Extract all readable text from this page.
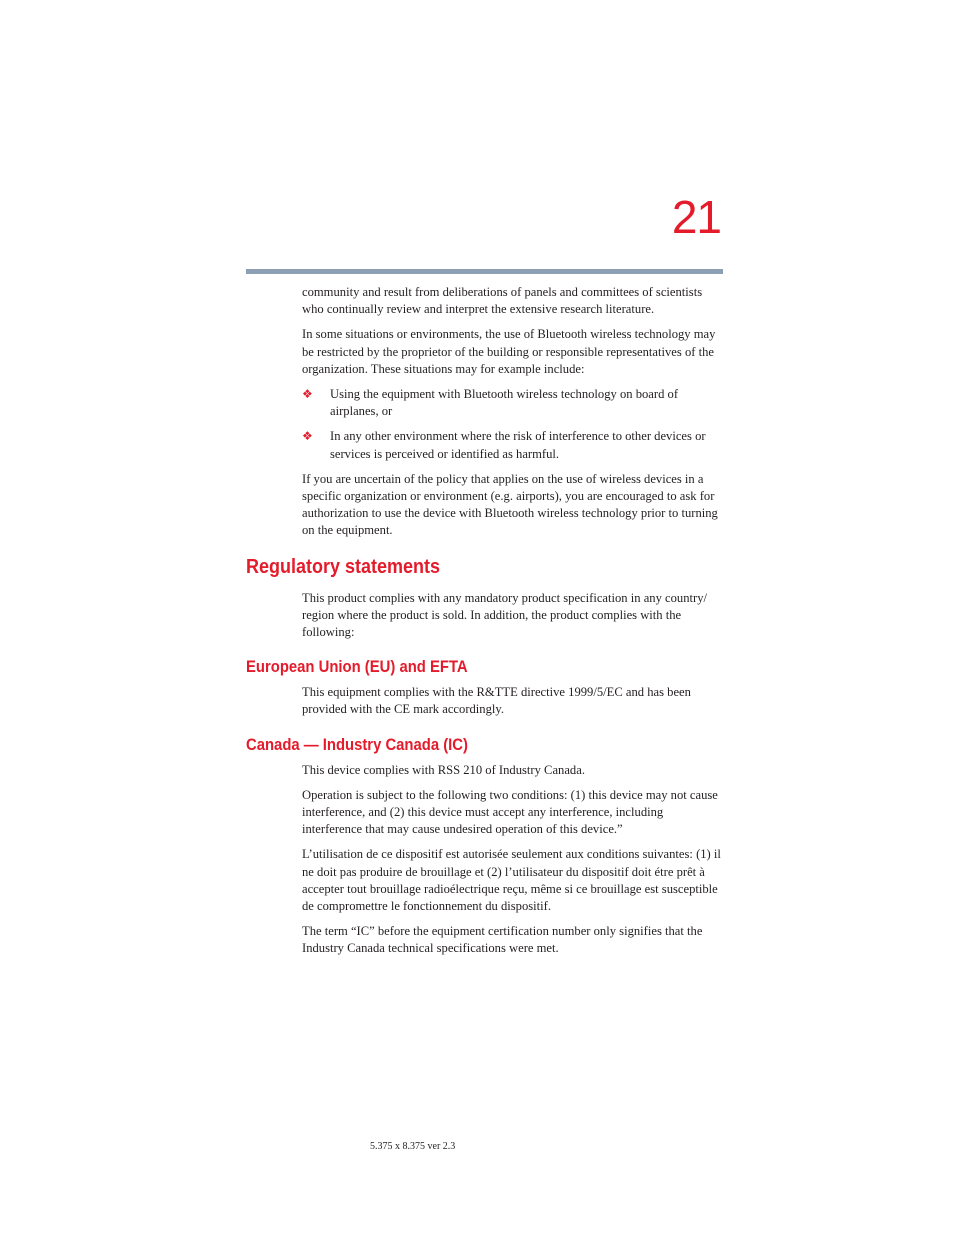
21

community and result from deliberations of panels and committees of scientists who continually review and interpret the extensive research literature.

In some situations or environments, the use of Bluetooth wireless technology may be restricted by the proprietor of the building or responsible representatives of the organization. These situations may for example include:

❖ Using the equipment with Bluetooth wireless technology on board of airplanes, or
❖ In any other environment where the risk of interference to other devices or services is perceived or identified as harmful.

If you are uncertain of the policy that applies on the use of wireless devices in a specific organization or environment (e.g. airports), you are encouraged to ask for authorization to use the device with Bluetooth wireless technology prior to turning on the equipment.

Regulatory statements

This product complies with any mandatory product specification in any country/ region where the product is sold. In addition, the product complies with the following:

European Union (EU) and EFTA

This equipment complies with the R&TTE directive 1999/5/EC and has been provided with the CE mark accordingly.

Canada — Industry Canada (IC)

This device complies with RSS 210 of Industry Canada.

Operation is subject to the following two conditions: (1) this device may not cause interference, and (2) this device must accept any interference, including interference that may cause undesired operation of this device.”

L’utilisation de ce dispositif est autorisée seulement aux conditions suivantes: (1) il ne doit pas produire de brouillage et (2) l’utilisateur du dispositif doit étre prêt à accepter tout brouillage radioélectrique reçu, même si ce brouillage est susceptible de compromettre le fonctionnement du dispositif.

The term “IC” before the equipment certification number only signifies that the Industry Canada technical specifications were met.

5.375 x 8.375 ver 2.3
